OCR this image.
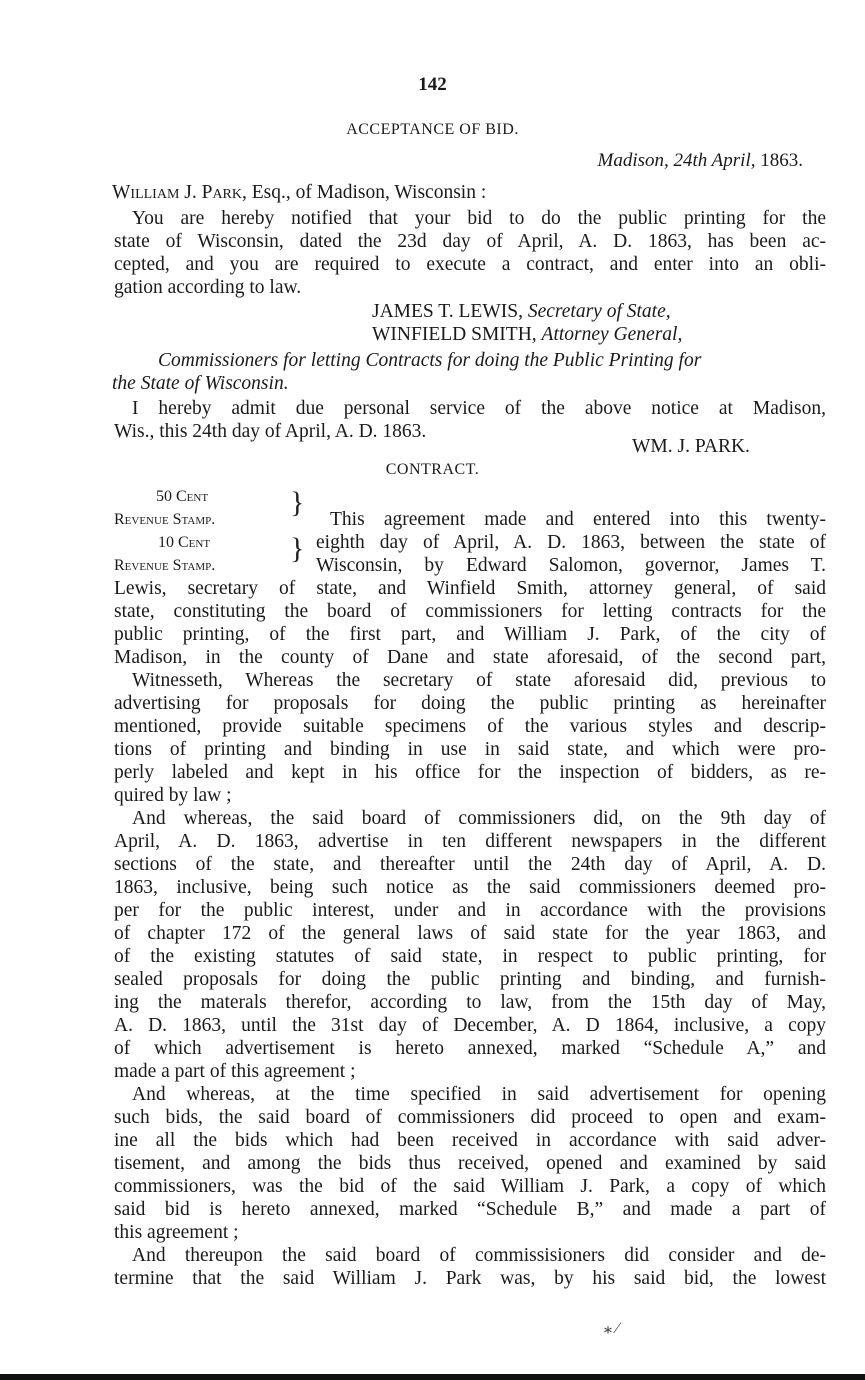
142
ACCEPTANCE OF BID.
Madison, 24th April, 1863.
William J. Park, Esq., of Madison, Wisconsin :
You are hereby notified that your bid to do the public printing for the
state of Wisconsin, dated the 23d day of April, A. D. 1863, has been ac-
cepted, and you are required to execute a contract, and enter into an obli-
gation according to law.
JAMES T. LEWIS, Secretary of State,
WINFIELD SMITH, Attorney General,
Commissioners for letting Contracts for doing the Public Printing for
the State of Wisconsin.
I hereby admit due personal service of the above notice at Madison,
Wis., this 24th day of April, A. D. 1863.
WM. J. PARK.
CONTRACT.
50 Cent
Revenue Stamp.
10 Cent
Revenue Stamp.
}
}
This agreement made and entered into this twenty-
eighth day of April, A. D. 1863, between the state of
Wisconsin, by Edward Salomon, governor, James T.
Lewis, secretary of state, and Winfield Smith, attorney general, of said
state, constituting the board of commissioners for letting contracts for the
public printing, of the first part, and William J. Park, of the city of
Madison, in the county of Dane and state aforesaid, of the second part,
Witnesseth, Whereas the secretary of state aforesaid did, previous to
advertising for proposals for doing the public printing as hereinafter
mentioned, provide suitable specimens of the various styles and descrip-
tions of printing and binding in use in said state, and which were pro-
perly labeled and kept in his office for the inspection of bidders, as re-
quired by law ;
And whereas, the said board of commissioners did, on the 9th day of
April, A. D. 1863, advertise in ten different newspapers in the different
sections of the state, and thereafter until the 24th day of April, A. D.
1863, inclusive, being such notice as the said commissioners deemed pro-
per for the public interest, under and in accordance with the provisions
of chapter 172 of the general laws of said state for the year 1863, and
of the existing statutes of said state, in respect to public printing, for
sealed proposals for doing the public printing and binding, and furnish-
ing the materals therefor, according to law, from the 15th day of May,
A. D. 1863, until the 31st day of December, A. D 1864, inclusive, a copy
of which advertisement is hereto annexed, marked “Schedule A,” and
made a part of this agreement ;
And whereas, at the time specified in said advertisement for opening
such bids, the said board of commissioners did proceed to open and exam-
ine all the bids which had been received in accordance with said adver-
tisement, and among the bids thus received, opened and examined by said
commissioners, was the bid of the said William J. Park, a copy of which
said bid is hereto annexed, marked “Schedule B,” and made a part of
this agreement ;
And thereupon the said board of commissisioners did consider and de-
termine that the said William J. Park was, by his said bid, the lowest
⁎ ⁄
